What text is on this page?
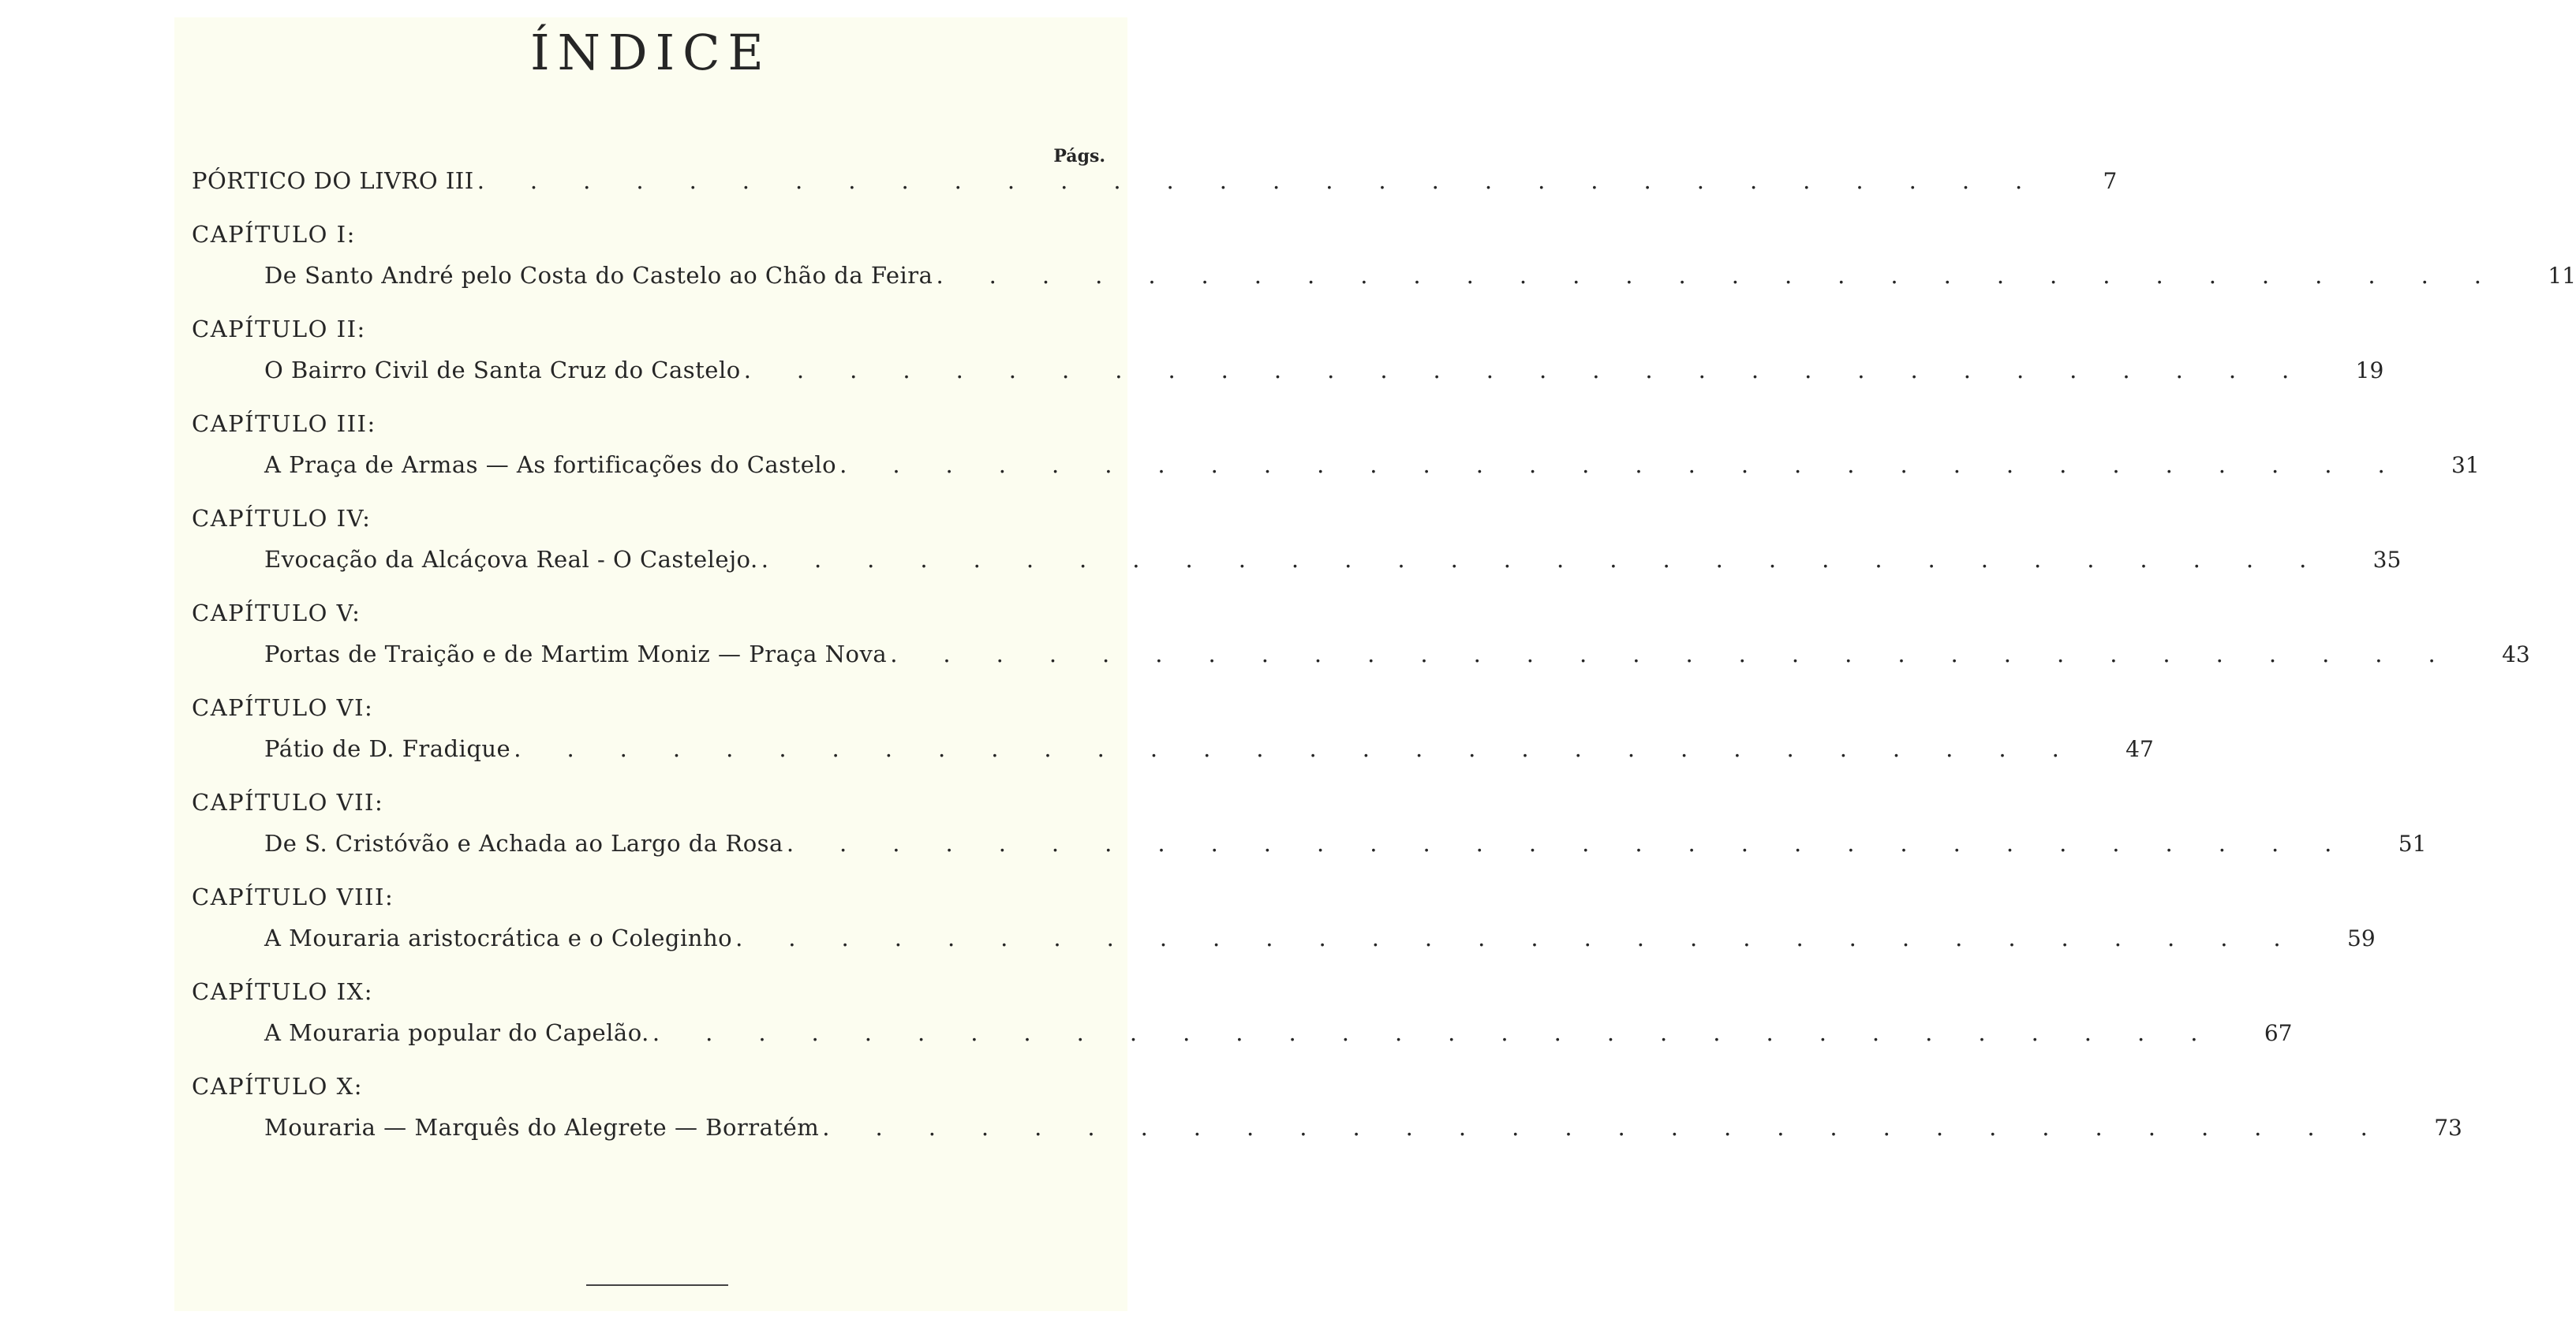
ÍNDICE
Págs.
PÓRTICO DO LIVRO III .  .  .  .  .  .  .  .  .  .  .  .  .  .  .  .  .  .  .  .  .  .  .  .  .  .  .  .  .  .  	7
CAPÍTULO I:
De Santo André pelo Costa do Castelo ao Chão da Feira .  .  .  .  .  .  .  .  .  .  .  .  .  .  .  .  .  .  .  .  .  .  .  .  .  .  .  .  .  .   11
CAPÍTULO II:
O Bairro Civil de Santa Cruz do Castelo .  .  .  .  .  .  .  .  .  .  .  .  .  .  .  .  .  .  .  .  .  .  .  .  .  .  .  .  .  .   19
CAPÍTULO III:
A Praça de Armas — As fortificações do Castelo .  .  .  .  .  .  .  .  .  .  .  .  .  .  .  .  .  .  .  .  .  .  .  .  .  .  .  .  .  .   31
CAPÍTULO IV:
Evocação da Alcáçova Real - O Castelejo. .  .  .  .  .  .  .  .  .  .  .  .  .  .  .  .  .  .  .  .  .  .  .  .  .  .  .  .  .  .   35
CAPÍTULO V:
Portas de Traição e de Martim Moniz — Praça Nova .  .  .  .  .  .  .  .  .  .  .  .  .  .  .  .  .  .  .  .  .  .  .  .  .  .  .  .  .  .   43
CAPÍTULO VI:
Pátio de D. Fradique .  .  .  .  .  .  .  .  .  .  .  .  .  .  .  .  .  .  .  .  .  .  .  .  .  .  .  .  .  .   47
CAPÍTULO VII:
De S. Cristóvão e Achada ao Largo da Rosa .  .  .  .  .  .  .  .  .  .  .  .  .  .  .  .  .  .  .  .  .  .  .  .  .  .  .  .  .  .   51
CAPÍTULO VIII:
A Mouraria aristocrática e o Coleginho .  .  .  .  .  .  .  .  .  .  .  .  .  .  .  .  .  .  .  .  .  .  .  .  .  .  .  .  .  .   59
CAPÍTULO IX:
A Mouraria popular do Capelão. .  .  .  .  .  .  .  .  .  .  .  .  .  .  .  .  .  .  .  .  .  .  .  .  .  .  .  .  .  .   67
CAPÍTULO X:
Mouraria — Marquês do Alegrete — Borratém .  .  .  .  .  .  .  .  .  .  .  .  .  .  .  .  .  .  .  .  .  .  .  .  .  .  .  .  .  .   73
